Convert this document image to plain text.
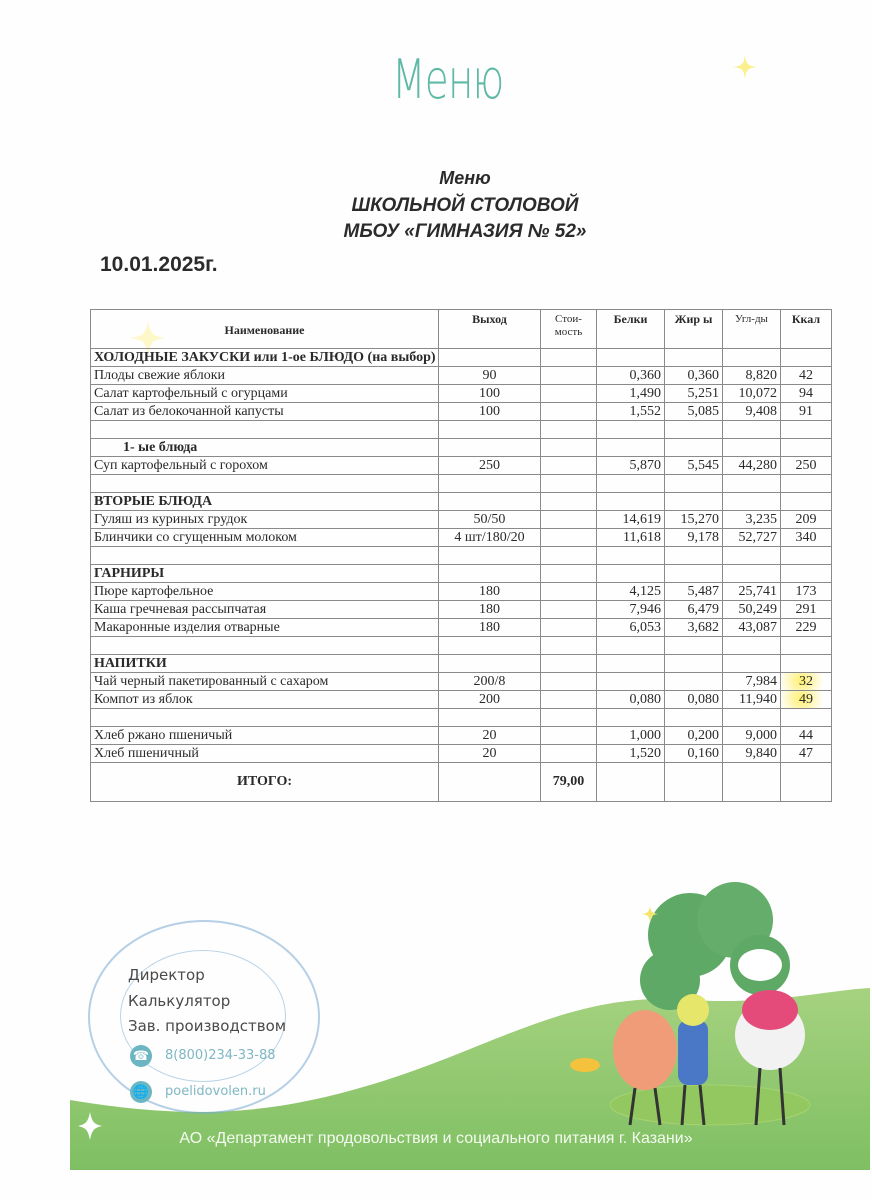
Меню
Меню
ШКОЛЬНОЙ СТОЛОВОЙ
МБОУ «ГИМНАЗИЯ № 52»
10.01.2025г.
Наименование	Выход	Стои-мость	Белки	Жир ы	Угл-ды	Ккал
ХОЛОДНЫЕ ЗАКУСКИ или 1-ое БЛЮДО (на выбор)						
Плоды свежие яблоки	90		0,360	0,360	8,820	42
Салат картофельный с огурцами	100		1,490	5,251	10,072	94
Салат из белокочанной капусты	100		1,552	5,085	9,408	91

1- ые блюда						
Суп картофельный с горохом	250		5,870	5,545	44,280	250

ВТОРЫЕ БЛЮДА						
Гуляш из куриных грудок	50/50		14,619	15,270	3,235	209
Блинчики со сгущенным молоком	4 шт/180/20		11,618	9,178	52,727	340

ГАРНИРЫ						
Пюре картофельное	180		4,125	5,487	25,741	173
Каша гречневая рассыпчатая	180		7,946	6,479	50,249	291
Макаронные изделия отварные	180		6,053	3,682	43,087	229

НАПИТКИ						
Чай черный пакетированный с сахаром	200/8				7,984	32
Компот из яблок	200		0,080	0,080	11,940	49

Хлеб ржано пшеничый	20		1,000	0,200	9,000	44
Хлеб пшеничный	20		1,520	0,160	9,840	47
ИТОГО:		79,00				
Директор
Калькулятор
Зав. производством
☎ 8(800)234-33-88
🌐 poelidovolen.ru
АО «Департамент продовольствия и социального питания г. Казани»
